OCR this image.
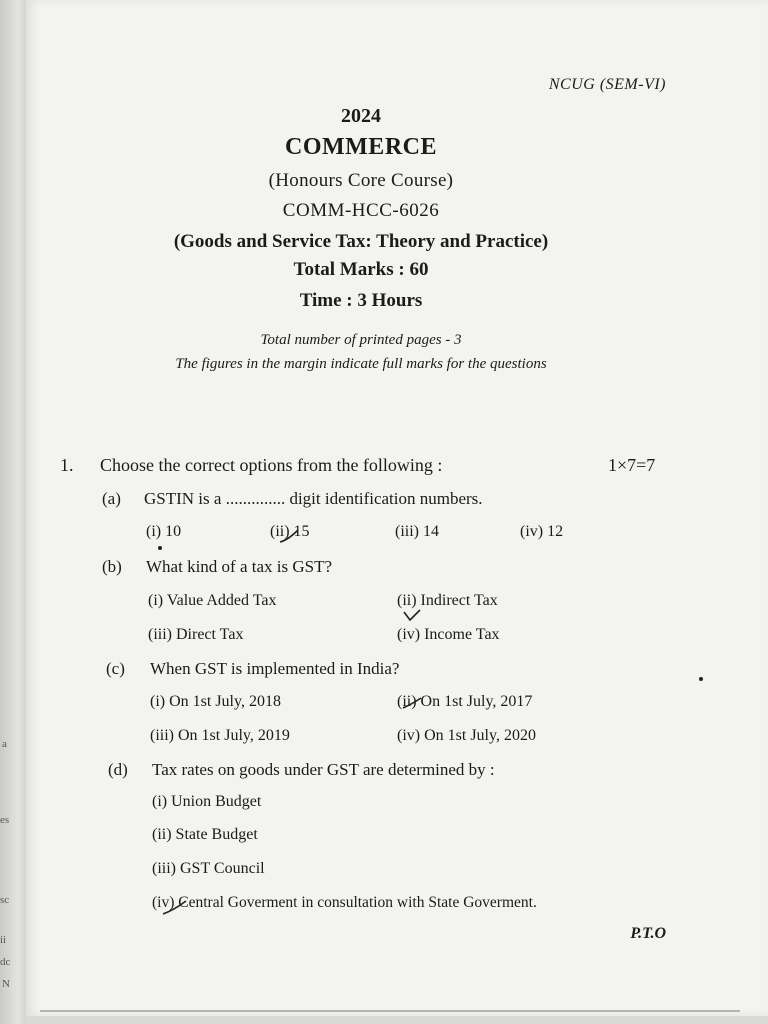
a
es
sc
ii
dc
N
NCUG (SEM-VI)
2024
COMMERCE
(Honours Core Course)
COMM-HCC-6026
(Goods and Service Tax: Theory and Practice)
Total Marks : 60
Time : 3 Hours
Total number of printed pages - 3
The figures in the margin indicate full marks for the questions
1. Choose the correct options from the following :	1×7=7
(a) GSTIN is a .............. digit identification numbers.
(i) 10	(ii) 15	(iii) 14	(iv) 12
(b) What kind of a tax is GST?
(i) Value Added Tax	(ii) Indirect Tax
(iii) Direct Tax	(iv) Income Tax
(c) When GST is implemented in India?
(i) On 1st July, 2018	(ii) On 1st July, 2017
(iii) On 1st July, 2019	(iv) On 1st July, 2020
(d) Tax rates on goods under GST are determined by :
(i) Union Budget
(ii) State Budget
(iii) GST Council
(iv) Central Goverment in consultation with State Goverment.
P.T.O
